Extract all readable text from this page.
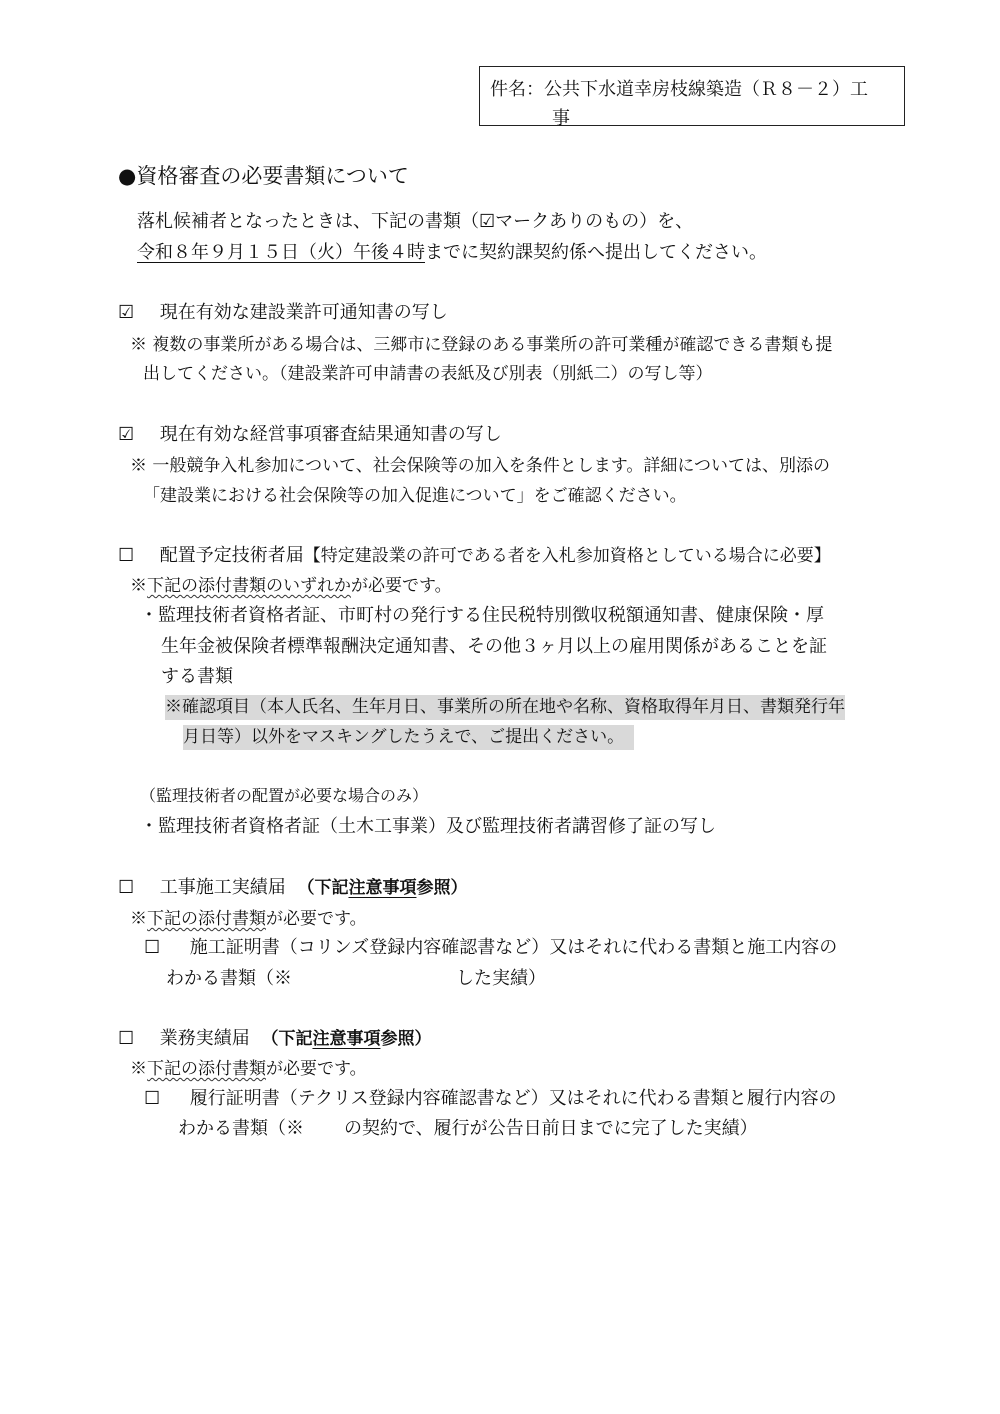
件名：公共下水道幸房枝線築造（Ｒ８－２）工
事
●資格審査の必要書類について
落札候補者となったときは、下記の書類（☑マークありのもの）を、
令和８年９月１５日（火）午後４時までに契約課契約係へ提出してください。
☑ 現在有効な建設業許可通知書の写し
※ 複数の事業所がある場合は、三郷市に登録のある事業所の許可業種が確認できる書類も提
出してください。（建設業許可申請書の表紙及び別表（別紙二）の写し等）
☑ 現在有効な経営事項審査結果通知書の写し
※ 一般競争入札参加について、社会保険等の加入を条件とします。詳細については、別添の
「建設業における社会保険等の加入促進について」をご確認ください。
☐ 配置予定技術者届【特定建設業の許可である者を入札参加資格としている場合に必要】
※下記の添付書類のいずれかが必要です。
・監理技術者資格者証、市町村の発行する住民税特別徴収税額通知書、健康保険・厚
生年金被保険者標準報酬決定通知書、その他３ヶ月以上の雇用関係があることを証
する書類
※確認項目（本人氏名、生年月日、事業所の所在地や名称、資格取得年月日、書類発行年
月日等）以外をマスキングしたうえで、ご提出ください。
（監理技術者の配置が必要な場合のみ）
・監理技術者資格者証（土木工事業）及び監理技術者講習修了証の写し
☐ 工事施工実績届 （下記注意事項参照）
※下記の添付書類が必要です。
☐ 施工証明書（コリンズ登録内容確認書など）又はそれに代わる書類と施工内容の
わかる書類（※	した実績）
☐ 業務実績届 （下記注意事項参照）
※下記の添付書類が必要です。
☐ 履行証明書（テクリス登録内容確認書など）又はそれに代わる書類と履行内容の
わかる書類（※ の契約で、履行が公告日前日までに完了した実績）
